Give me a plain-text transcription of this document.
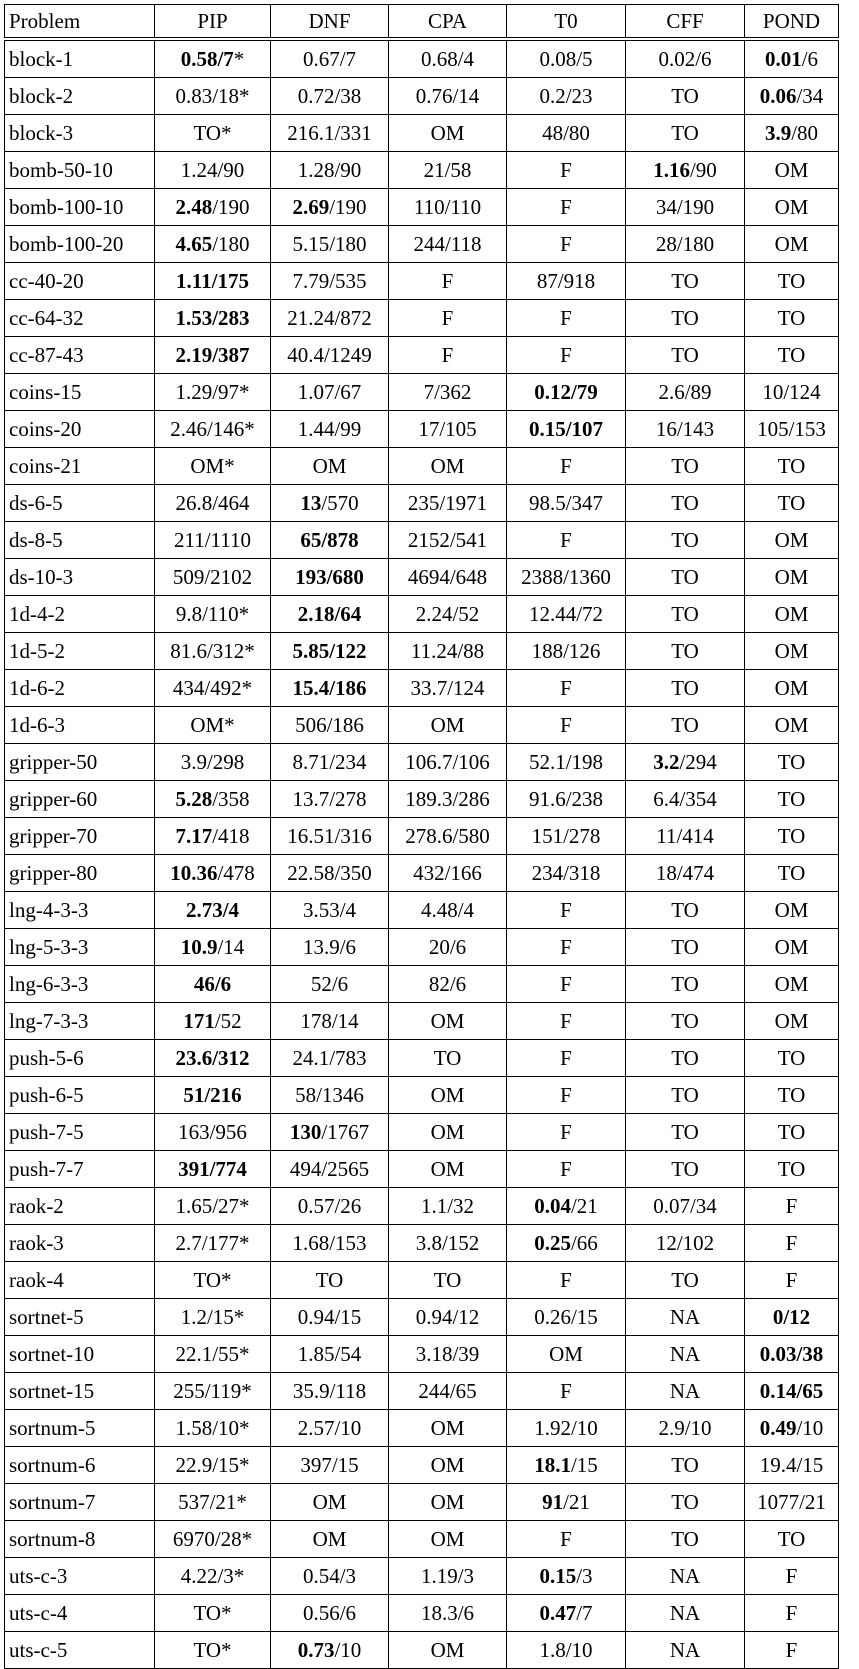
Problem	PIP	DNF	CPA	T0	CFF	POND
block-1	0.58/7*	0.67/7	0.68/4	0.08/5	0.02/6	0.01/6
block-2	0.83/18*	0.72/38	0.76/14	0.2/23	TO	0.06/34
block-3	TO*	216.1/331	OM	48/80	TO	3.9/80
bomb-50-10	1.24/90	1.28/90	21/58	F	1.16/90	OM
bomb-100-10	2.48/190	2.69/190	110/110	F	34/190	OM
bomb-100-20	4.65/180	5.15/180	244/118	F	28/180	OM
cc-40-20	1.11/175	7.79/535	F	87/918	TO	TO
cc-64-32	1.53/283	21.24/872	F	F	TO	TO
cc-87-43	2.19/387	40.4/1249	F	F	TO	TO
coins-15	1.29/97*	1.07/67	7/362	0.12/79	2.6/89	10/124
coins-20	2.46/146*	1.44/99	17/105	0.15/107	16/143	105/153
coins-21	OM*	OM	OM	F	TO	TO
ds-6-5	26.8/464	13/570	235/1971	98.5/347	TO	TO
ds-8-5	211/1110	65/878	2152/541	F	TO	OM
ds-10-3	509/2102	193/680	4694/648	2388/1360	TO	OM
1d-4-2	9.8/110*	2.18/64	2.24/52	12.44/72	TO	OM
1d-5-2	81.6/312*	5.85/122	11.24/88	188/126	TO	OM
1d-6-2	434/492*	15.4/186	33.7/124	F	TO	OM
1d-6-3	OM*	506/186	OM	F	TO	OM
gripper-50	3.9/298	8.71/234	106.7/106	52.1/198	3.2/294	TO
gripper-60	5.28/358	13.7/278	189.3/286	91.6/238	6.4/354	TO
gripper-70	7.17/418	16.51/316	278.6/580	151/278	11/414	TO
gripper-80	10.36/478	22.58/350	432/166	234/318	18/474	TO
lng-4-3-3	2.73/4	3.53/4	4.48/4	F	TO	OM
lng-5-3-3	10.9/14	13.9/6	20/6	F	TO	OM
lng-6-3-3	46/6	52/6	82/6	F	TO	OM
lng-7-3-3	171/52	178/14	OM	F	TO	OM
push-5-6	23.6/312	24.1/783	TO	F	TO	TO
push-6-5	51/216	58/1346	OM	F	TO	TO
push-7-5	163/956	130/1767	OM	F	TO	TO
push-7-7	391/774	494/2565	OM	F	TO	TO
raok-2	1.65/27*	0.57/26	1.1/32	0.04/21	0.07/34	F
raok-3	2.7/177*	1.68/153	3.8/152	0.25/66	12/102	F
raok-4	TO*	TO	TO	F	TO	F
sortnet-5	1.2/15*	0.94/15	0.94/12	0.26/15	NA	0/12
sortnet-10	22.1/55*	1.85/54	3.18/39	OM	NA	0.03/38
sortnet-15	255/119*	35.9/118	244/65	F	NA	0.14/65
sortnum-5	1.58/10*	2.57/10	OM	1.92/10	2.9/10	0.49/10
sortnum-6	22.9/15*	397/15	OM	18.1/15	TO	19.4/15
sortnum-7	537/21*	OM	OM	91/21	TO	1077/21
sortnum-8	6970/28*	OM	OM	F	TO	TO
uts-c-3	4.22/3*	0.54/3	1.19/3	0.15/3	NA	F
uts-c-4	TO*	0.56/6	18.3/6	0.47/7	NA	F
uts-c-5	TO*	0.73/10	OM	1.8/10	NA	F
